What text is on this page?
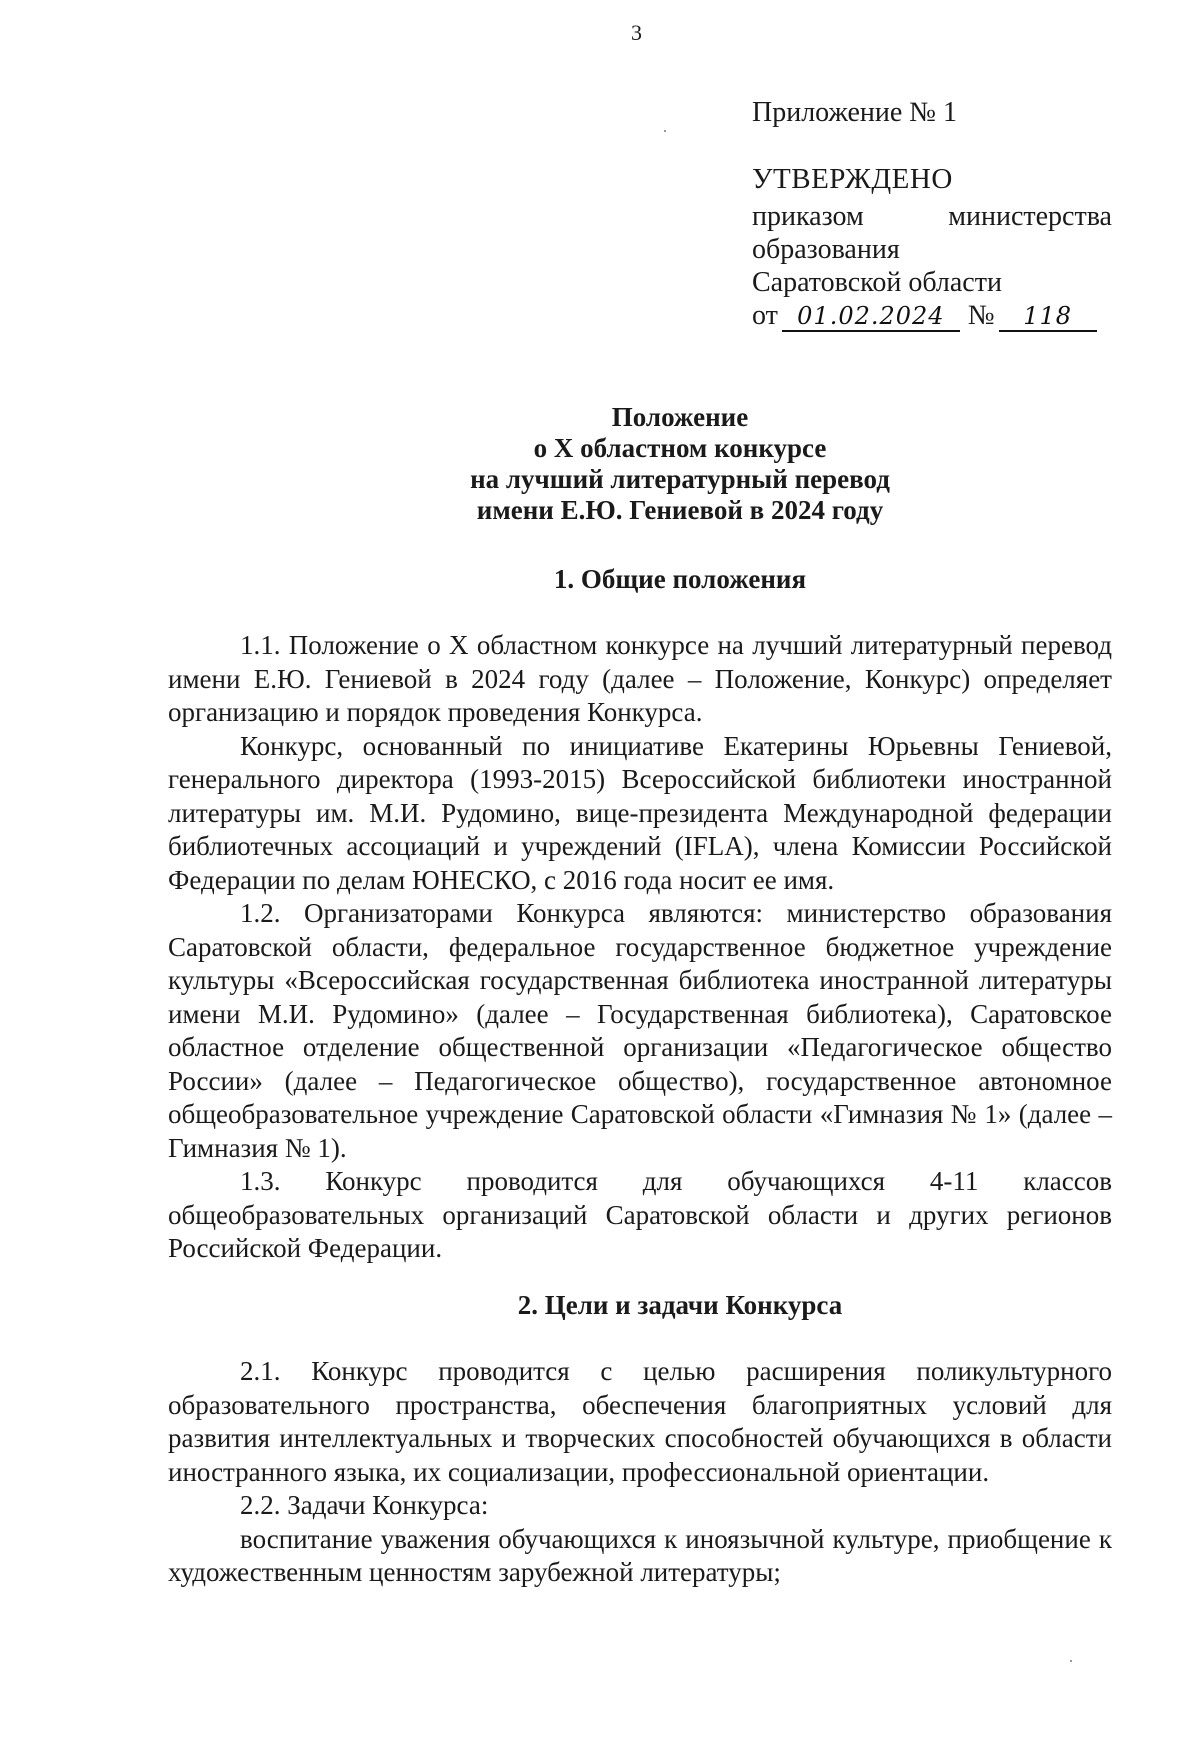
3
Приложение № 1
УТВЕРЖДЕНО
приказом	министерства
образования
Саратовской области
от 01.02.2024 №	118
Положение
о X областном конкурсе
на лучший литературный перевод
имени Е.Ю. Гениевой в 2024 году
1. Общие положения

1.1. Положение о X областном конкурсе на лучший литературный перевод имени Е.Ю. Гениевой в 2024 году (далее – Положение, Конкурс) определяет организацию и порядок проведения Конкурса.

Конкурс, основанный по инициативе Екатерины Юрьевны Гениевой, генерального директора (1993-2015) Всероссийской библиотеки иностранной литературы им. М.И. Рудомино, вице-президента Международной федерации библиотечных ассоциаций и учреждений (IFLA), члена Комиссии Российской Федерации по делам ЮНЕСКО, с 2016 года носит ее имя.

1.2. Организаторами Конкурса являются: министерство образования Саратовской области, федеральное государственное бюджетное учреждение культуры «Всероссийская государственная библиотека иностранной литературы имени М.И. Рудомино» (далее – Государственная библиотека), Саратовское областное отделение общественной организации «Педагогическое общество России» (далее – Педагогическое общество), государственное автономное общеобразовательное учреждение Саратовской области «Гимназия № 1» (далее – Гимназия № 1).

1.3. Конкурс проводится для обучающихся 4-11 классов общеобразовательных организаций Саратовской области и других регионов Российской Федерации.

2. Цели и задачи Конкурса

2.1. Конкурс проводится с целью расширения поликультурного образовательного пространства, обеспечения благоприятных условий для развития интеллектуальных и творческих способностей обучающихся в области иностранного языка, их социализации, профессиональной ориентации.

2.2. Задачи Конкурса:

воспитание уважения обучающихся к иноязычной культуре, приобщение к художественным ценностям зарубежной литературы;
